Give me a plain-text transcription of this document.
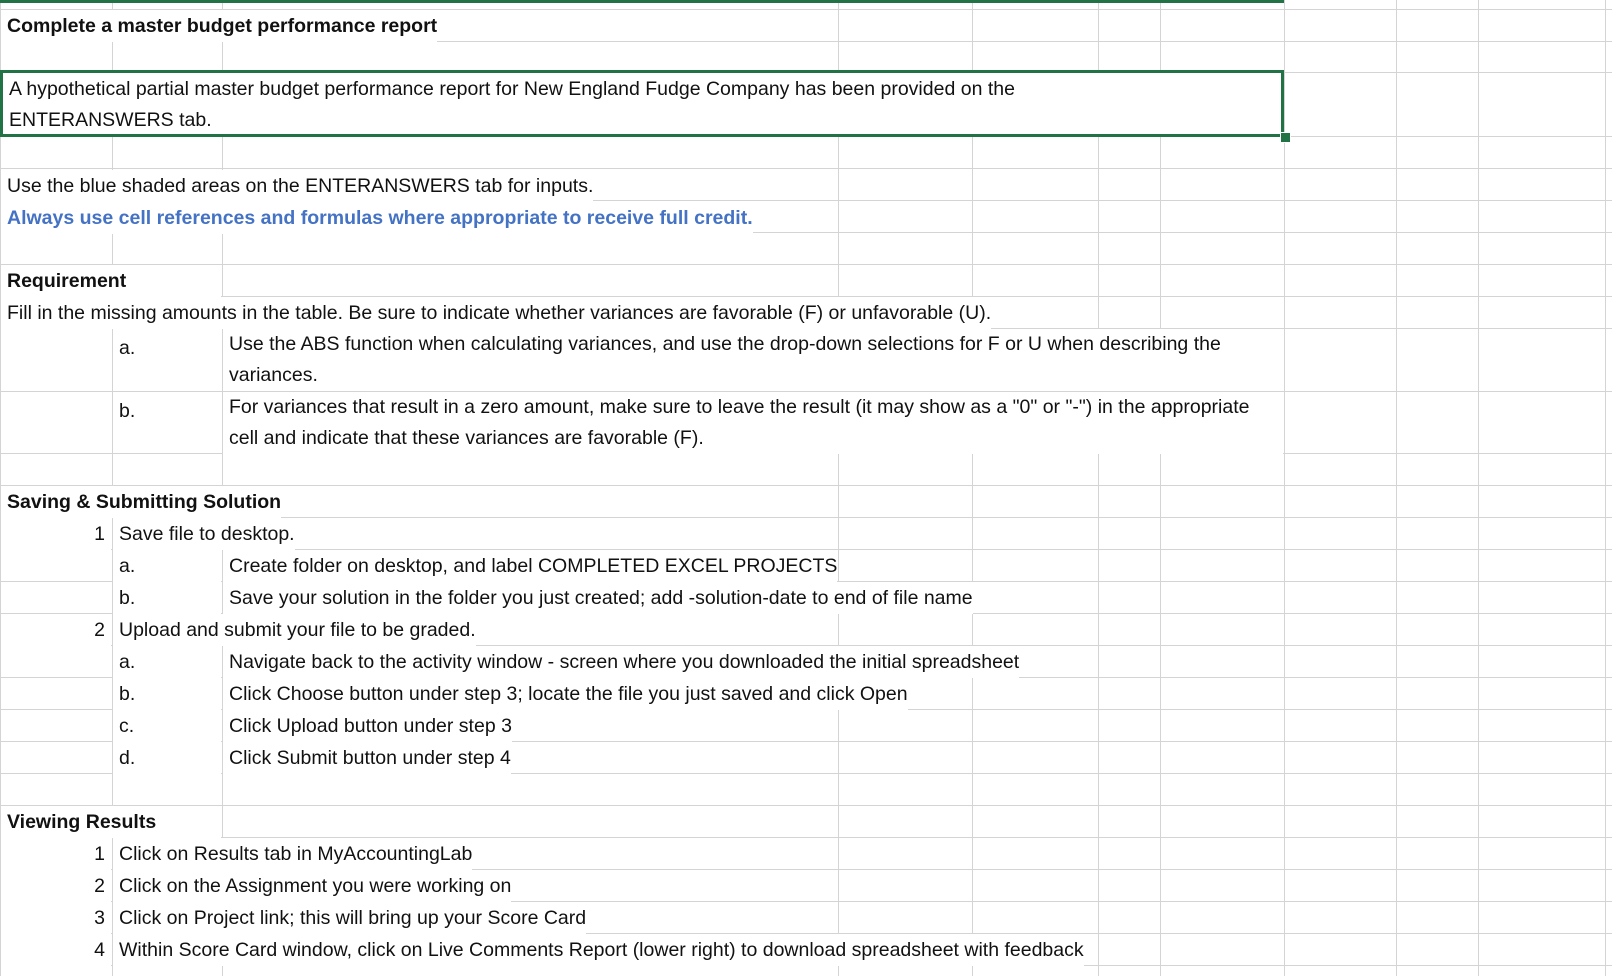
Complete a master budget performance report
A hypothetical partial master budget performance report for New England Fudge Company has been provided on the ENTERANSWERS tab.
Use the blue shaded areas on the ENTERANSWERS tab for inputs.
Always use cell references and formulas where appropriate to receive full credit.
Requirement
Fill in the missing amounts in the table. Be sure to indicate whether variances are favorable (F) or unfavorable (U).
a.	Use the ABS function when calculating variances, and use the drop-down selections for F or U when describing the variances.
b.	For variances that result in a zero amount, make sure to leave the result (it may show as a "0" or "-") in the appropriate cell and indicate that these variances are favorable (F).
Saving & Submitting Solution
1 Save file to desktop.
a.	Create folder on desktop, and label COMPLETED EXCEL PROJECTS
b.	Save your solution in the folder you just created; add -solution-date to end of file name
2 Upload and submit your file to be graded.
a.	Navigate back to the activity window - screen where you downloaded the initial spreadsheet
b.	Click Choose button under step 3; locate the file you just saved and click Open
c.	Click Upload button under step 3
d.	Click Submit button under step 4
Viewing Results
1 Click on Results tab in MyAccountingLab
2 Click on the Assignment you were working on
3 Click on Project link; this will bring up your Score Card
4 Within Score Card window, click on Live Comments Report (lower right) to download spreadsheet with feedback
